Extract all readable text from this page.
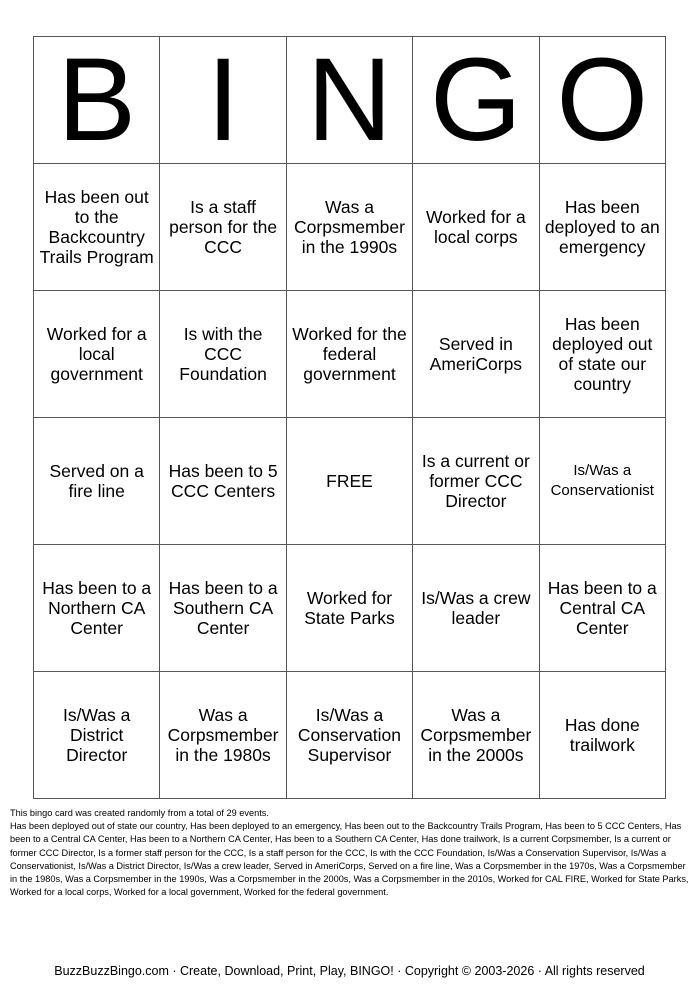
B	I	N	G	O
Has been out to the Backcountry Trails Program	Is a staff person for the CCC	Was a Corpsmember in the 1990s	Worked for a local corps	Has been deployed to an emergency
Worked for a local government	Is with the CCC Foundation	Worked for the federal government	Served in AmeriCorps	Has been deployed out of state our country
Served on a fire line	Has been to 5 CCC Centers	FREE	Is a current or former CCC Director	Is/Was a Conservationist
Has been to a Northern CA Center	Has been to a Southern CA Center	Worked for State Parks	Is/Was a crew leader	Has been to a Central CA Center
Is/Was a District Director	Was a Corpsmember in the 1980s	Is/Was a Conservation Supervisor	Was a Corpsmember in the 2000s	Has done trailwork

This bingo card was created randomly from a total of 29 events.

Has been deployed out of state our country, Has been deployed to an emergency, Has been out to the Backcountry Trails Program, Has been to 5 CCC Centers, Has been to a Central CA Center, Has been to a Northern CA Center, Has been to a Southern CA Center, Has done trailwork, Is a current Corpsmember, Is a current or former CCC Director, Is a former staff person for the CCC, Is a staff person for the CCC, Is with the CCC Foundation, Is/Was a Conservation Supervisor, Is/Was a Conservationist, Is/Was a District Director, Is/Was a crew leader, Served in AmeriCorps, Served on a fire line, Was a Corpsmember in the 1970s, Was a Corpsmember in the 1980s, Was a Corpsmember in the 1990s, Was a Corpsmember in the 2000s, Was a Corpsmember in the 2010s, Worked for CAL FIRE, Worked for State Parks, Worked for a local corps, Worked for a local government, Worked for the federal government.

BuzzBuzzBingo.com · Create, Download, Print, Play, BINGO! · Copyright © 2003-2026 · All rights reserved
